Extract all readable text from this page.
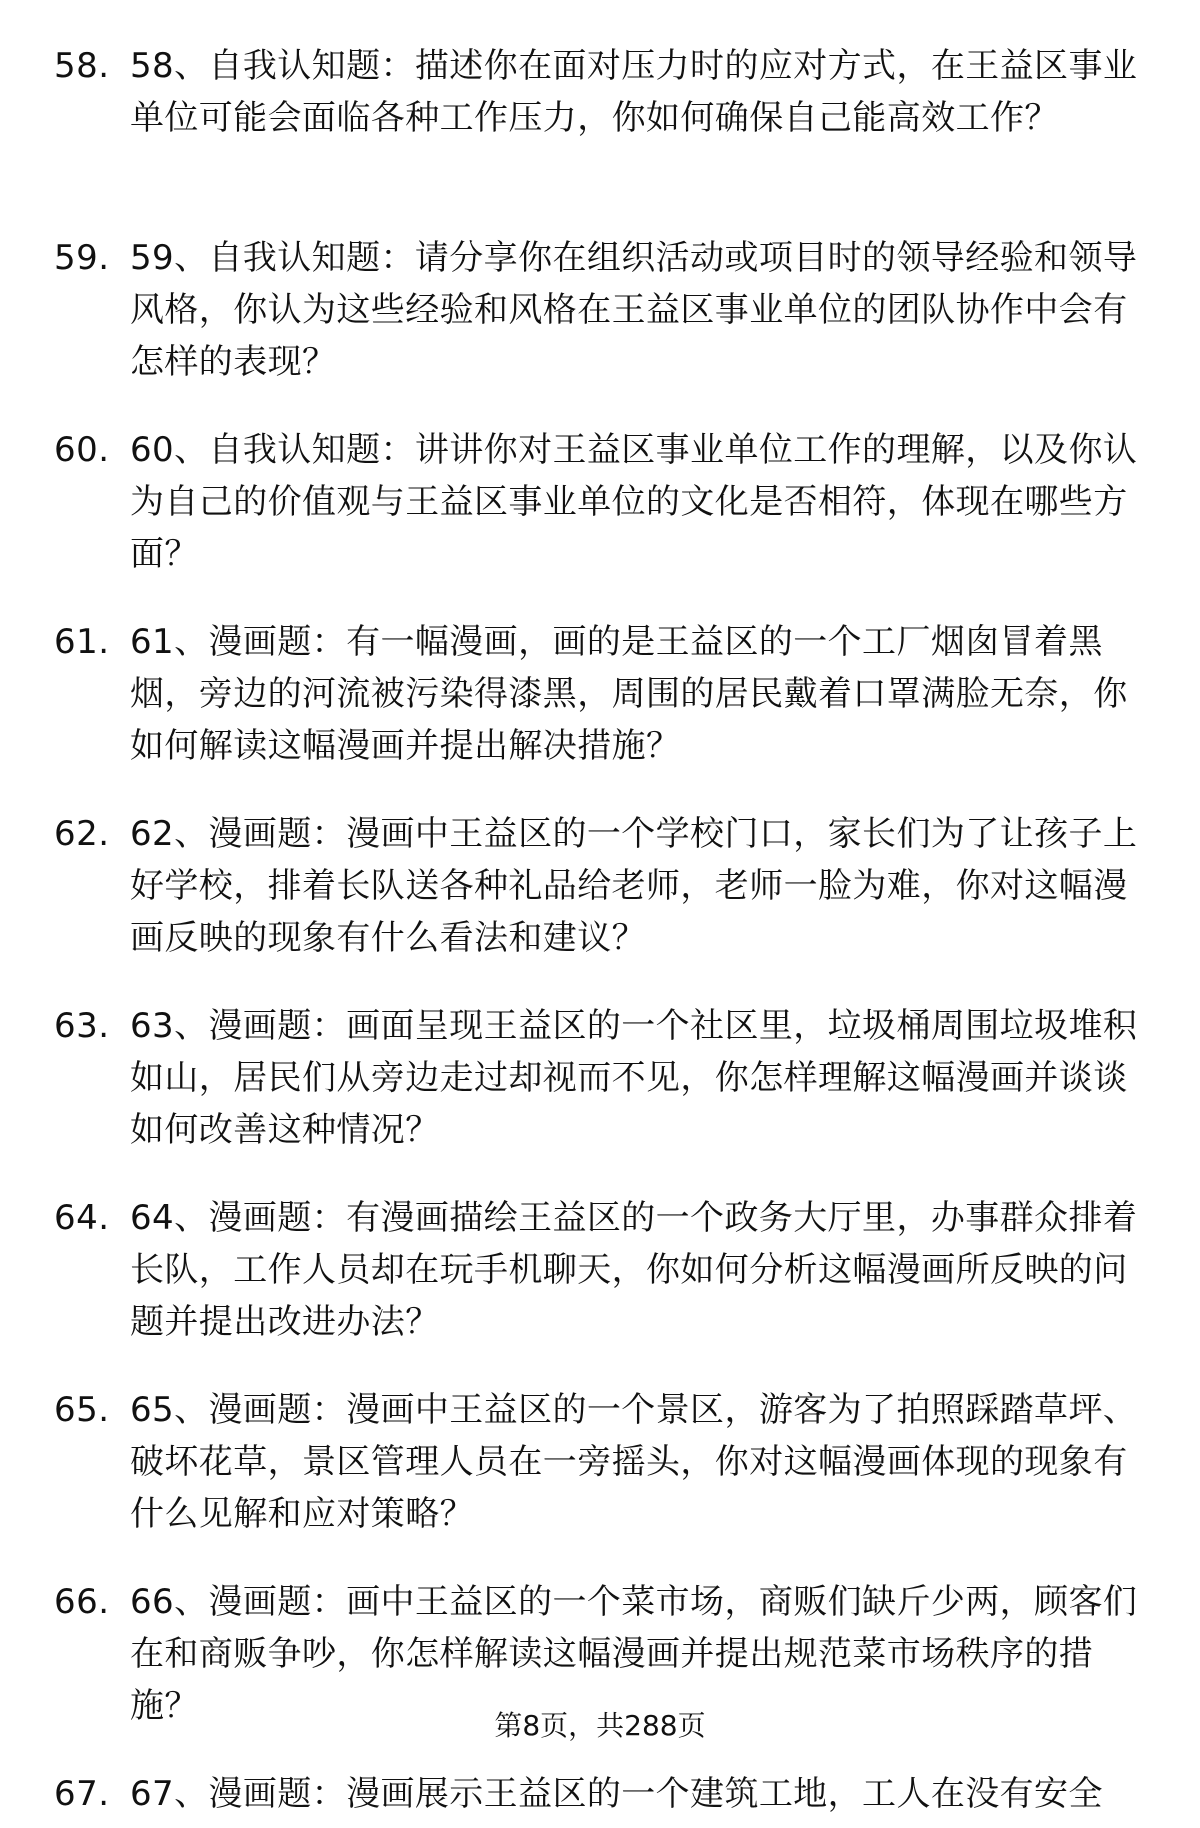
58. 58、自我认知题：描述你在面对压力时的应对方式，在王益区事业单位可能会面临各种工作压力，你如何确保自己能高效工作？
59. 59、自我认知题：请分享你在组织活动或项目时的领导经验和领导风格，你认为这些经验和风格在王益区事业单位的团队协作中会有怎样的表现？
60. 60、自我认知题：讲讲你对王益区事业单位工作的理解，以及你认为自己的价值观与王益区事业单位的文化是否相符，体现在哪些方面？
61. 61、漫画题：有一幅漫画，画的是王益区的一个工厂烟囱冒着黑烟，旁边的河流被污染得漆黑，周围的居民戴着口罩满脸无奈，你如何解读这幅漫画并提出解决措施？
62. 62、漫画题：漫画中王益区的一个学校门口，家长们为了让孩子上好学校，排着长队送各种礼品给老师，老师一脸为难，你对这幅漫画反映的现象有什么看法和建议？
63. 63、漫画题：画面呈现王益区的一个社区里，垃圾桶周围垃圾堆积如山，居民们从旁边走过却视而不见，你怎样理解这幅漫画并谈谈如何改善这种情况？
64. 64、漫画题：有漫画描绘王益区的一个政务大厅里，办事群众排着长队，工作人员却在玩手机聊天，你如何分析这幅漫画所反映的问题并提出改进办法？
65. 65、漫画题：漫画中王益区的一个景区，游客为了拍照踩踏草坪、破坏花草，景区管理人员在一旁摇头，你对这幅漫画体现的现象有什么见解和应对策略？
66. 66、漫画题：画中王益区的一个菜市场，商贩们缺斤少两，顾客们在和商贩争吵，你怎样解读这幅漫画并提出规范菜市场秩序的措施？
67. 67、漫画题：漫画展示王益区的一个建筑工地，工人在没有安全
第8页，共288页
